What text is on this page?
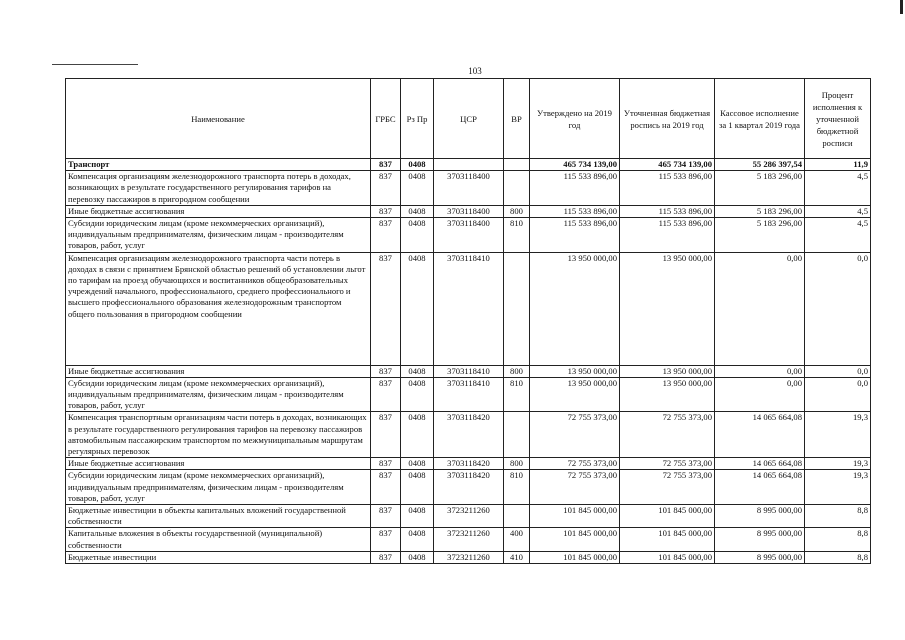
103
Наименование	ГРБС	Рз Пр	ЦСР	ВР	Утверждено на 2019 год	Уточненная бюджетная роспись на 2019 год	Кассовое исполнение за 1 квартал 2019 года	Процент исполнения к уточненной бюджетной росписи
Транспорт	837	0408			465 734 139,00	465 734 139,00	55 286 397,54	11,9
Компенсация организациям железнодорожного транспорта потерь в доходах, возникающих в результате государственного регулирования тарифов на перевозку пассажиров в пригородном сообщении	837	0408	3703118400		115 533 896,00	115 533 896,00	5 183 296,00	4,5
Иные бюджетные ассигнования	837	0408	3703118400	800	115 533 896,00	115 533 896,00	5 183 296,00	4,5
Субсидии юридическим лицам (кроме некоммерческих организаций), индивидуальным предпринимателям, физическим лицам - производителям товаров, работ, услуг	837	0408	3703118400	810	115 533 896,00	115 533 896,00	5 183 296,00	4,5
Компенсация организациям железнодорожного транспорта части потерь в доходах в связи с принятием Брянской областью решений об установлении льгот по тарифам на проезд обучающихся и воспитанников общеобразовательных учреждений начального, профессионального, среднего профессионального и высшего профессионального образования железнодорожным транспортом общего пользования в пригородном сообщении	837	0408	3703118410		13 950 000,00	13 950 000,00	0,00	0,0
Иные бюджетные ассигнования	837	0408	3703118410	800	13 950 000,00	13 950 000,00	0,00	0,0
Субсидии юридическим лицам (кроме некоммерческих организаций), индивидуальным предпринимателям, физическим лицам - производителям товаров, работ, услуг	837	0408	3703118410	810	13 950 000,00	13 950 000,00	0,00	0,0
Компенсация транспортным организациям части потерь в доходах, возникающих в результате государственного регулирования тарифов на перевозку пассажиров автомобильным пассажирским транспортом по межмуниципальным маршрутам регулярных перевозок	837	0408	3703118420		72 755 373,00	72 755 373,00	14 065 664,08	19,3
Иные бюджетные ассигнования	837	0408	3703118420	800	72 755 373,00	72 755 373,00	14 065 664,08	19,3
Субсидии юридическим лицам (кроме некоммерческих организаций), индивидуальным предпринимателям, физическим лицам - производителям товаров, работ, услуг	837	0408	3703118420	810	72 755 373,00	72 755 373,00	14 065 664,08	19,3
Бюджетные инвестиции в объекты капитальных вложений государственной собственности	837	0408	3723211260		101 845 000,00	101 845 000,00	8 995 000,00	8,8
Капитальные вложения в объекты государственной (муниципальной) собственности	837	0408	3723211260	400	101 845 000,00	101 845 000,00	8 995 000,00	8,8
Бюджетные инвестиции	837	0408	3723211260	410	101 845 000,00	101 845 000,00	8 995 000,00	8,8
